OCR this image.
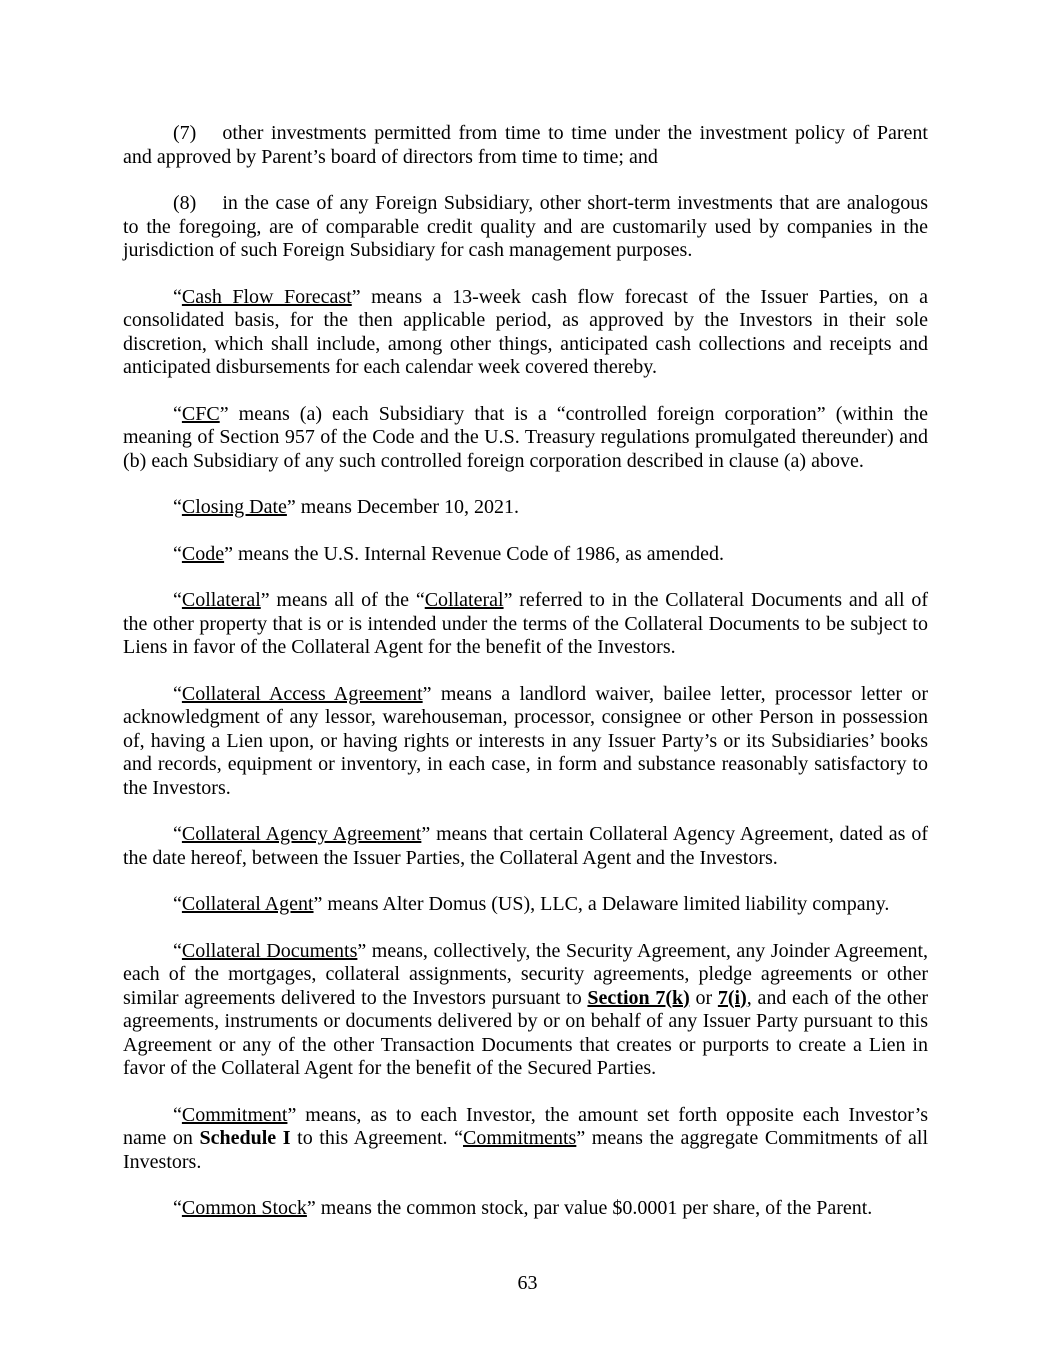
(7) other investments permitted from time to time under the investment policy of Parent and approved by Parent’s board of directors from time to time; and

(8) in the case of any Foreign Subsidiary, other short-term investments that are analogous to the foregoing, are of comparable credit quality and are customarily used by companies in the jurisdiction of such Foreign Subsidiary for cash management purposes.

“Cash Flow Forecast” means a 13-week cash flow forecast of the Issuer Parties, on a consolidated basis, for the then applicable period, as approved by the Investors in their sole discretion, which shall include, among other things, anticipated cash collections and receipts and anticipated disbursements for each calendar week covered thereby.

“CFC” means (a) each Subsidiary that is a “controlled foreign corporation” (within the meaning of Section 957 of the Code and the U.S. Treasury regulations promulgated thereunder) and (b) each Subsidiary of any such controlled foreign corporation described in clause (a) above.

“Closing Date” means December 10, 2021.

“Code” means the U.S. Internal Revenue Code of 1986, as amended.

“Collateral” means all of the “Collateral” referred to in the Collateral Documents and all of the other property that is or is intended under the terms of the Collateral Documents to be subject to Liens in favor of the Collateral Agent for the benefit of the Investors.

“Collateral Access Agreement” means a landlord waiver, bailee letter, processor letter or acknowledgment of any lessor, warehouseman, processor, consignee or other Person in possession of, having a Lien upon, or having rights or interests in any Issuer Party’s or its Subsidiaries’ books and records, equipment or inventory, in each case, in form and substance reasonably satisfactory to the Investors.

“Collateral Agency Agreement” means that certain Collateral Agency Agreement, dated as of the date hereof, between the Issuer Parties, the Collateral Agent and the Investors.

“Collateral Agent” means Alter Domus (US), LLC, a Delaware limited liability company.

“Collateral Documents” means, collectively, the Security Agreement, any Joinder Agreement, each of the mortgages, collateral assignments, security agreements, pledge agreements or other similar agreements delivered to the Investors pursuant to Section 7(k) or 7(i), and each of the other agreements, instruments or documents delivered by or on behalf of any Issuer Party pursuant to this Agreement or any of the other Transaction Documents that creates or purports to create a Lien in favor of the Collateral Agent for the benefit of the Secured Parties.

“Commitment” means, as to each Investor, the amount set forth opposite each Investor’s name on Schedule I to this Agreement. “Commitments” means the aggregate Commitments of all Investors.

“Common Stock” means the common stock, par value $0.0001 per share, of the Parent.

63
